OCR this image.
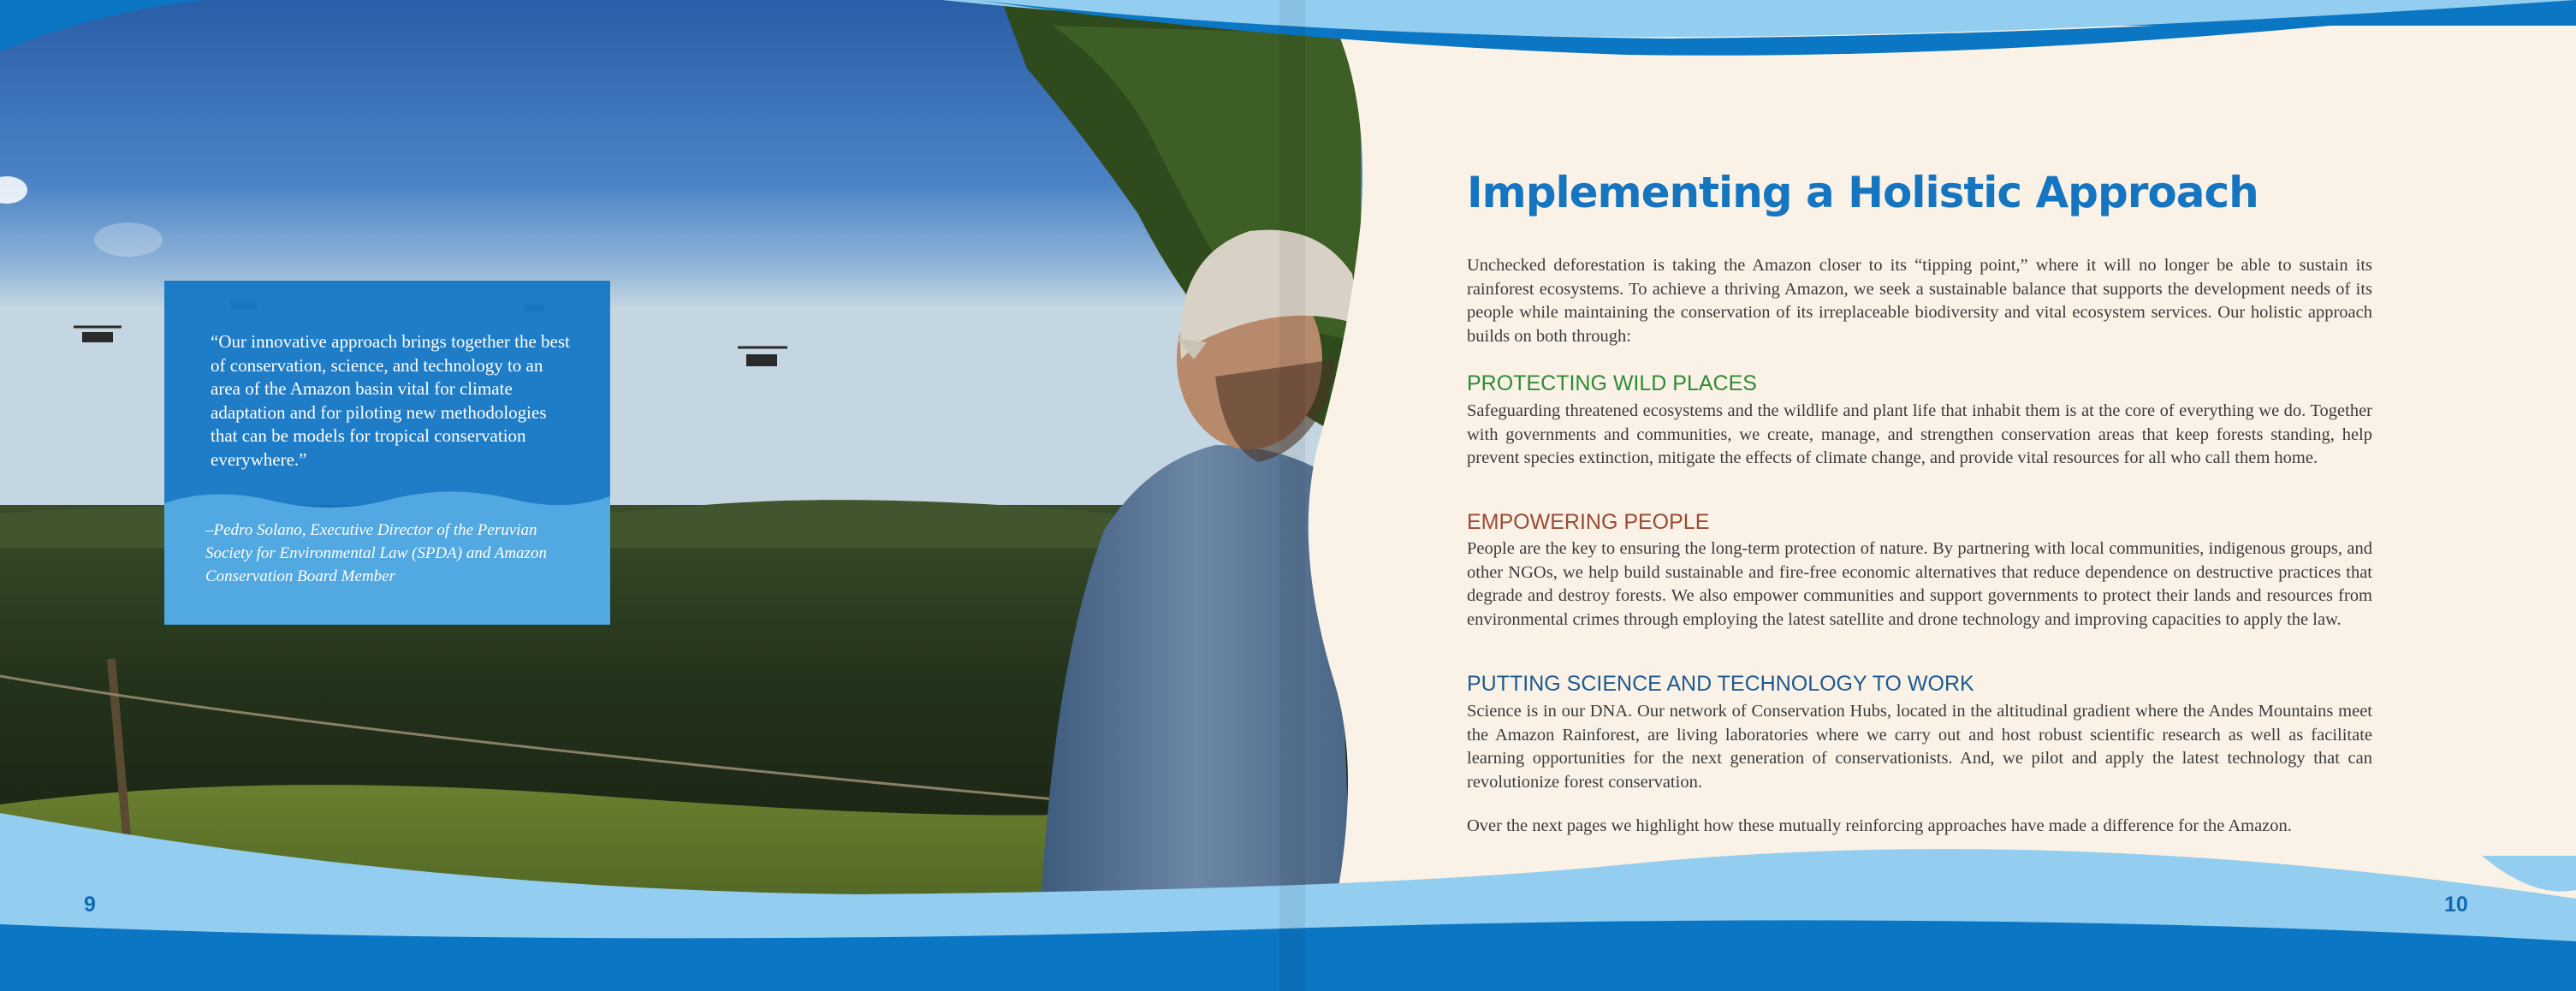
“Our innovative approach brings together the best of conservation, science, and technology to an area of the Amazon basin vital for climate adaptation and for piloting new methodologies that can be models for tropical conservation everywhere.”
–Pedro Solano, Executive Director of the Peruvian Society for Environmental Law (SPDA) and Amazon Conservation Board Member
Implementing a Holistic Approach
Unchecked deforestation is taking the Amazon closer to its “tipping point,” where it will no longer be able to sustain its rainforest ecosystems. To achieve a thriving Amazon, we seek a sustainable balance that supports the development needs of its people while maintaining the conservation of its irreplaceable biodiversity and vital ecosystem services. Our holistic approach builds on both through:
PROTECTING WILD PLACES
Safeguarding threatened ecosystems and the wildlife and plant life that inhabit them is at the core of everything we do. Together with governments and communities, we create, manage, and strengthen conservation areas that keep forests standing, help prevent species extinction, mitigate the effects of climate change, and provide vital resources for all who call them home.
EMPOWERING PEOPLE
People are the key to ensuring the long-term protection of nature. By partnering with local communities, indigenous groups, and other NGOs, we help build sustainable and fire-free economic alternatives that reduce dependence on destructive practices that degrade and destroy forests. We also empower communities and support governments to protect their lands and resources from environmental crimes through employing the latest satellite and drone technology and improving capacities to apply the law.
PUTTING SCIENCE AND TECHNOLOGY TO WORK
Science is in our DNA. Our network of Conservation Hubs, located in the altitudinal gradient where the Andes Mountains meet the Amazon Rainforest, are living laboratories where we carry out and host robust scientific research as well as facilitate learning opportunities for the next generation of conservationists. And, we pilot and apply the latest technology that can revolutionize forest conservation.
Over the next pages we highlight how these mutually reinforcing approaches have made a difference for the Amazon.
9	10
